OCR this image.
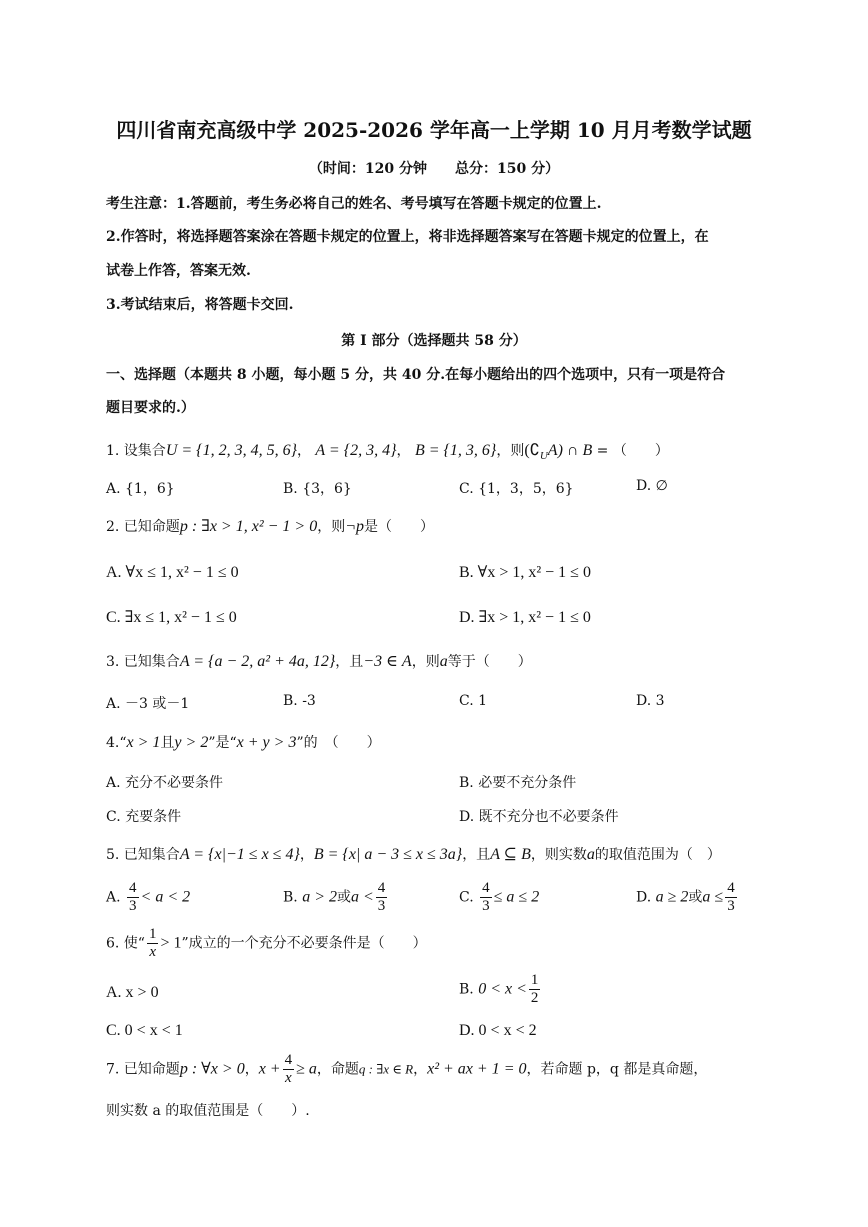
四川省南充高级中学 2025-2026 学年高一上学期 10 月月考数学试题
（时间：120 分钟　　总分：150 分）
考生注意：1.答题前，考生务必将自己的姓名、考号填写在答题卡规定的位置上.
2.作答时，将选择题答案涂在答题卡规定的位置上，将非选择题答案写在答题卡规定的位置上，在
试卷上作答，答案无效.
3.考试结束后，将答题卡交回.
第 I 部分（选择题共 58 分）
一、选择题（本题共 8 小题，每小题 5 分，共 40 分.在每小题给出的四个选项中，只有一项是符合
题目要求的.）
1. 设集合U = {1, 2, 3, 4, 5, 6}， A = {2, 3, 4}， B = {1, 3, 6}，则$(∁_UA)$ ∩ B = （　　）
A. {1，6}	B. {3，6}	C. {1，3，5，6}	D. ∅
2. 已知命题p : ∃x > 1, x² − 1 > 0，则¬p是（　　）
A. ∀x ≤ 1, x² − 1 ≤ 0	B. ∀x > 1, x² − 1 ≤ 0
C. ∃x ≤ 1, x² − 1 ≤ 0	D. ∃x > 1, x² − 1 ≤ 0
3. 已知集合A = {a − 2, a² + 4a, 12}，且−3 ∈ A，则a等于（　　）
A. －3 或－1	B. -3	C. 1	D. 3
4.“x > 1且y > 2”是“x + y > 3”的　（　　）
A. 充分不必要条件	B. 必要不充分条件
C. 充要条件	D. 既不充分也不必要条件
5. 已知集合A = {x|−1 ≤ x ≤ 4}，B = {x| a − 3 ≤ x ≤ 3a}，且A ⊆ B，则实数a的取值范围为（　）
A. $\frac{4}{3} < a < 2$	B. a > 2或$a < \frac{4}{3}$	C. $\frac{4}{3} \le a \le 2$	D. a ≥ 2或$a \le \frac{4}{3}$
6. 使“ $\frac{1}{x} > 1$”成立的一个充分不必要条件是（　　）
A. x > 0	B. $0 < x < \frac{1}{2}$
C. 0 < x < 1	D. 0 < x < 2
7. 已知命题p : ∀x > 0，$x + \frac{4}{x} \ge a$，命题q : ∃x ∈ R，x² + ax + 1 = 0，若命题 p，q 都是真命题，
则实数 a 的取值范围是（　　）.
